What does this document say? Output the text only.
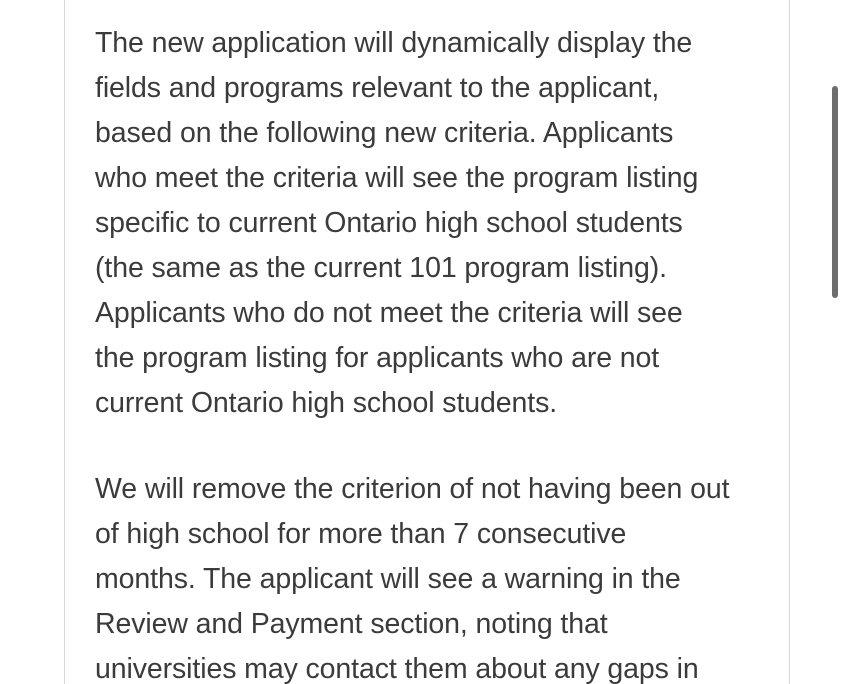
The new application will dynamically display the
fields and programs relevant to the applicant,
based on the following new criteria. Applicants
who meet the criteria will see the program listing
specific to current Ontario high school students
(the same as the current 101 program listing).
Applicants who do not meet the criteria will see
the program listing for applicants who are not
current Ontario high school students.

We will remove the criterion of not having been out
of high school for more than 7 consecutive
months. The applicant will see a warning in the
Review and Payment section, noting that
universities may contact them about any gaps in
